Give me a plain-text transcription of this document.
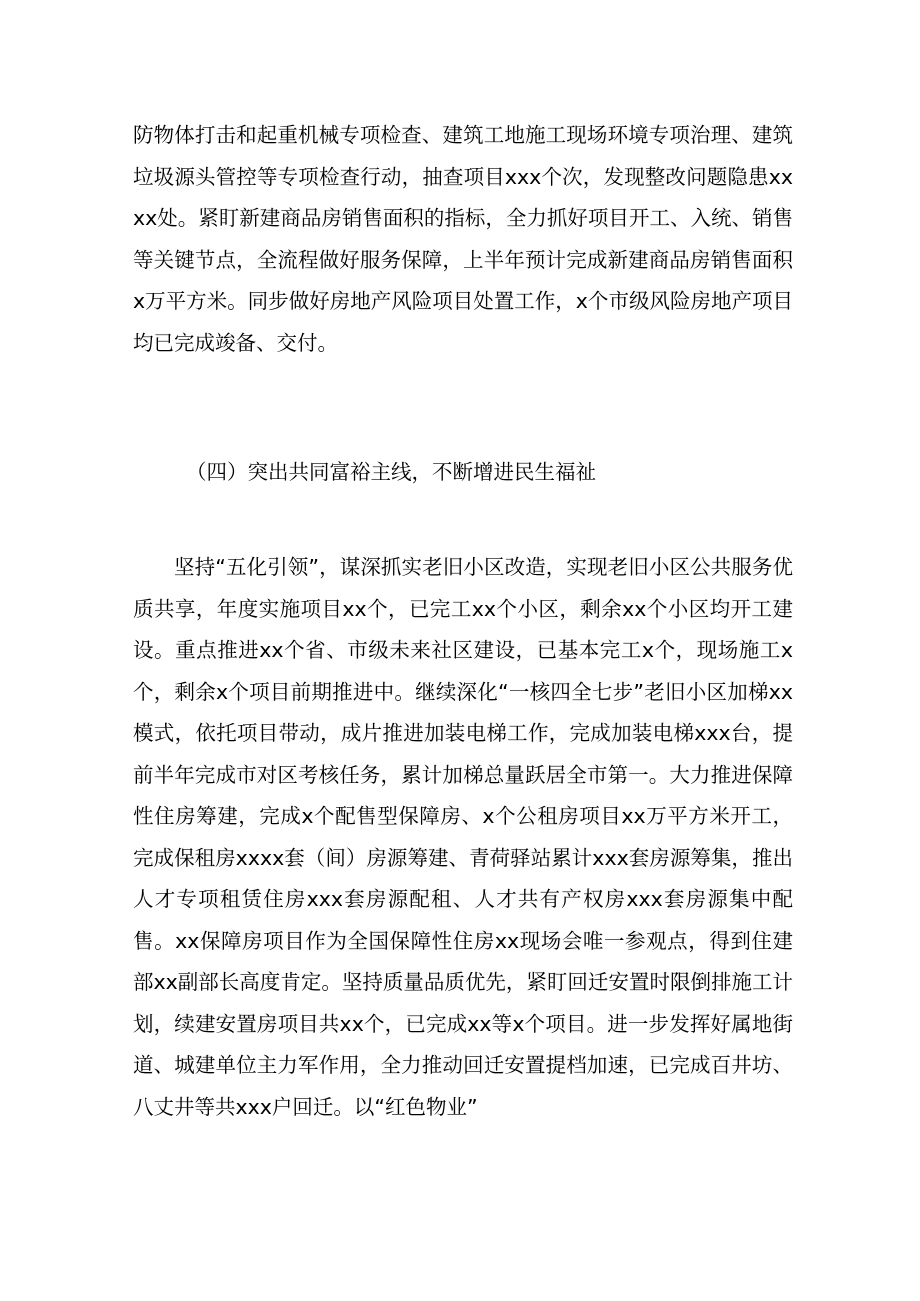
防物体打击和起重机械专项检查、建筑工地施工现场环境专项治理、建筑垃圾源头管控等专项检查行动，抽查项目xxx个次，发现整改问题隐患xxxx处。紧盯新建商品房销售面积的指标，全力抓好项目开工、入统、销售等关键节点，全流程做好服务保障，上半年预计完成新建商品房销售面积x万平方米。同步做好房地产风险项目处置工作，x个市级风险房地产项目均已完成竣备、交付。

（四）突出共同富裕主线，不断增进民生福祉

坚持“五化引领”，谋深抓实老旧小区改造，实现老旧小区公共服务优质共享，年度实施项目xx个，已完工xx个小区，剩余xx个小区均开工建设。重点推进xx个省、市级未来社区建设，已基本完工x个，现场施工x个，剩余x个项目前期推进中。继续深化“一核四全七步”老旧小区加梯xx模式，依托项目带动，成片推进加装电梯工作，完成加装电梯xxx台，提前半年完成市对区考核任务，累计加梯总量跃居全市第一。大力推进保障性住房筹建，完成x个配售型保障房、x个公租房项目xx万平方米开工，完成保租房xxxx套（间）房源筹建、青荷驿站累计xxx套房源筹集，推出人才专项租赁住房xxx套房源配租、人才共有产权房xxx套房源集中配售。xx保障房项目作为全国保障性住房xx现场会唯一参观点，得到住建部xx副部长高度肯定。坚持质量品质优先，紧盯回迁安置时限倒排施工计划，续建安置房项目共xx个，已完成xx等x个项目。进一步发挥好属地街道、城建单位主力军作用，全力推动回迁安置提档加速，已完成百井坊、八丈井等共xxx户回迁。以“红色物业”
